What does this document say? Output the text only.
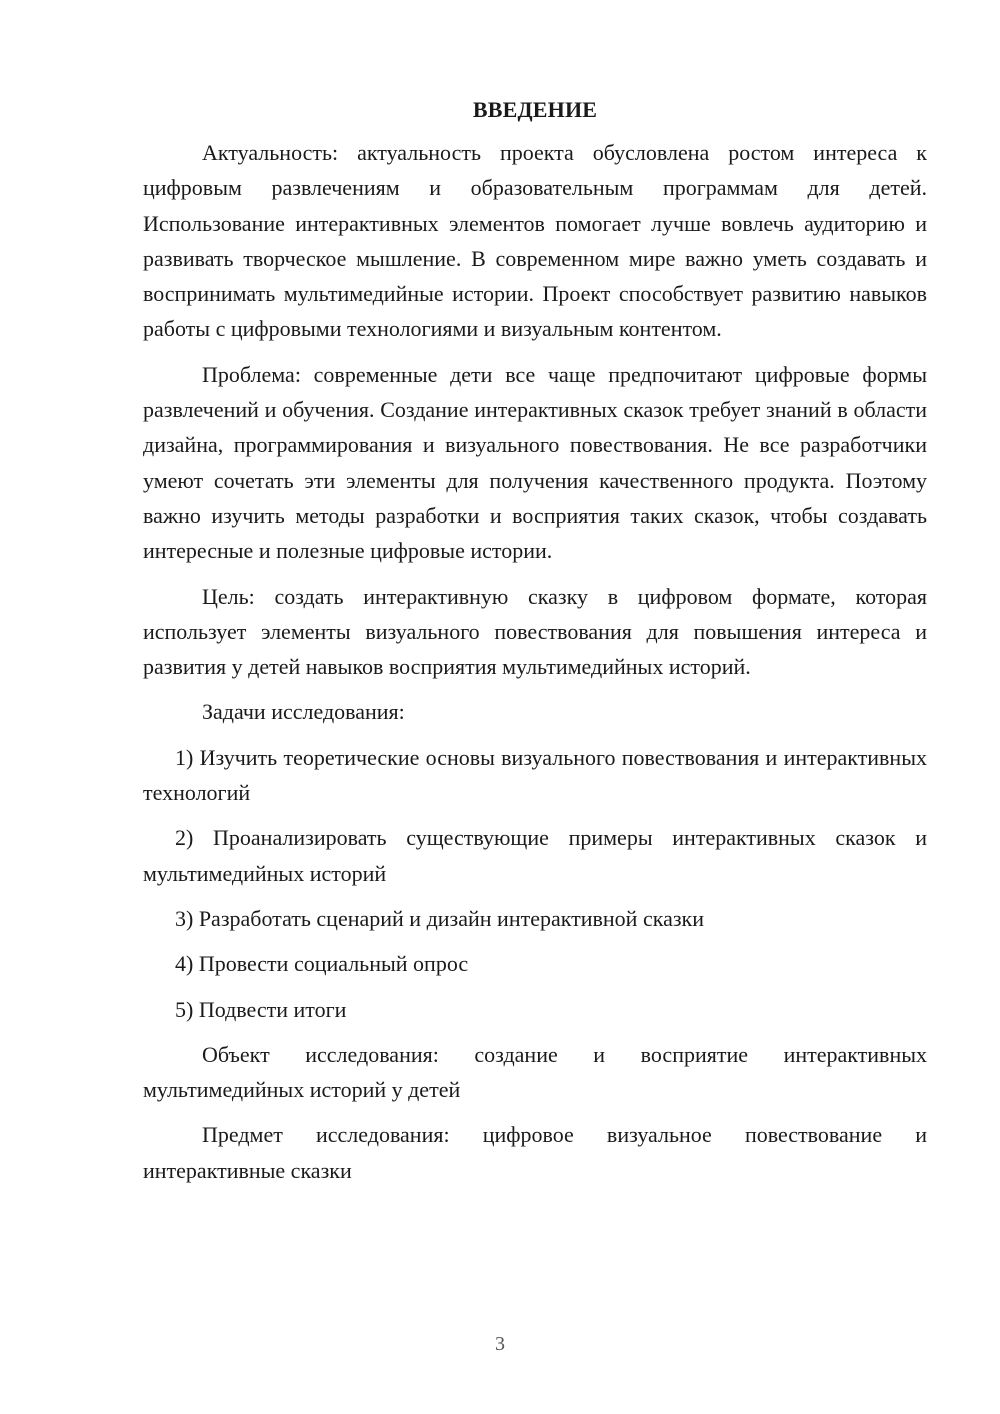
ВВЕДЕНИЕ

Актуальность: актуальность проекта обусловлена ростом интереса к цифровым развлечениям и образовательным программам для детей. Использование интерактивных элементов помогает лучше вовлечь аудиторию и развивать творческое мышление. В современном мире важно уметь создавать и воспринимать мультимедийные истории. Проект способствует развитию навыков работы с цифровыми технологиями и визуальным контентом.

Проблема: современные дети все чаще предпочитают цифровые формы развлечений и обучения. Создание интерактивных сказок требует знаний в области дизайна, программирования и визуального повествования. Не все разработчики умеют сочетать эти элементы для получения качественного продукта. Поэтому важно изучить методы разработки и восприятия таких сказок, чтобы создавать интересные и полезные цифровые истории.

Цель: создать интерактивную сказку в цифровом формате, которая использует элементы визуального повествования для повышения интереса и развития у детей навыков восприятия мультимедийных историй.

Задачи исследования:

1) Изучить теоретические основы визуального повествования и интерактивных технологий

2) Проанализировать существующие примеры интерактивных сказок и мультимедийных историй

3) Разработать сценарий и дизайн интерактивной сказки

4) Провести социальный опрос

5) Подвести итоги

Объект исследования: создание и восприятие интерактивных мультимедийных историй у детей

Предмет исследования: цифровое визуальное повествование и интерактивные сказки

3
